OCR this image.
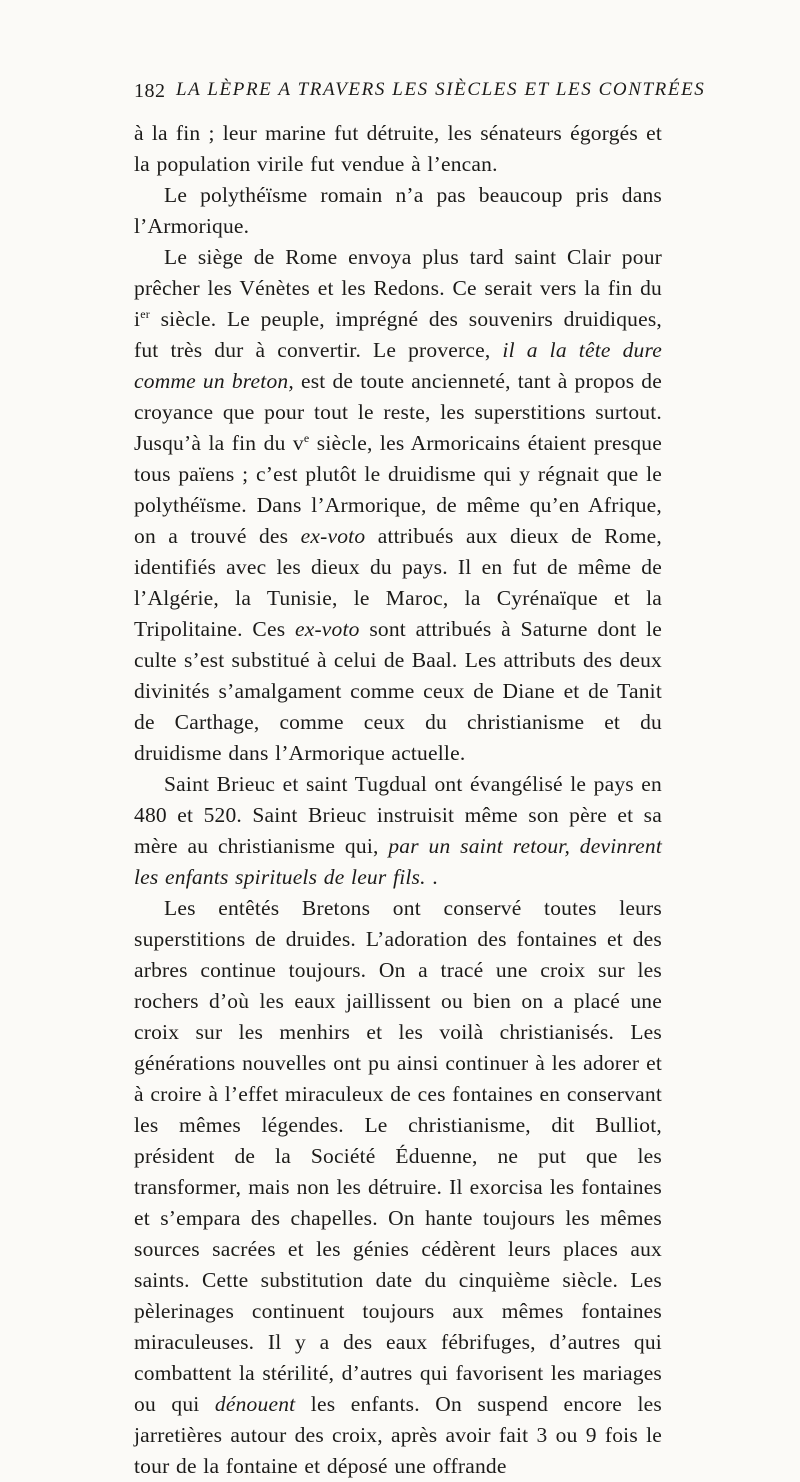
182 LA LÈPRE A TRAVERS LES SIÈCLES ET LES CONTRÉES

à la fin ; leur marine fut détruite, les sénateurs égorgés et la population virile fut vendue à l’encan.

Le polythéïsme romain n’a pas beaucoup pris dans l’Armorique.

Le siège de Rome envoya plus tard saint Clair pour prêcher les Vénètes et les Redons. Ce serait vers la fin du $i^{er}$ siècle. Le peuple, imprégné des souvenirs druidiques, fut très dur à convertir. Le proverce, il a la tête dure comme un breton, est de toute ancienneté, tant à propos de croyance que pour tout le reste, les superstitions surtout. Jusqu’à la fin du $v^e$ siècle, les Armoricains étaient presque tous païens ; c’est plutôt le druidisme qui y régnait que le polythéïsme. Dans l’Armorique, de même qu’en Afrique, on a trouvé des ex-voto attribués aux dieux de Rome, identifiés avec les dieux du pays. Il en fut de même de l’Algérie, la Tunisie, le Maroc, la Cyrénaïque et la Tripolitaine. Ces ex-voto sont attribués à Saturne dont le culte s’est substitué à celui de Baal. Les attributs des deux divinités s’amalgament comme ceux de Diane et de Tanit de Carthage, comme ceux du christianisme et du druidisme dans l’Armorique actuelle.

Saint Brieuc et saint Tugdual ont évangélisé le pays en 480 et 520. Saint Brieuc instruisit même son père et sa mère au christianisme qui, par un saint retour, devinrent les enfants spirituels de leur fils. .

Les entêtés Bretons ont conservé toutes leurs superstitions de druides. L’adoration des fontaines et des arbres continue toujours. On a tracé une croix sur les rochers d’où les eaux jaillissent ou bien on a placé une croix sur les menhirs et les voilà christianisés. Les générations nouvelles ont pu ainsi continuer à les adorer et à croire à l’effet miraculeux de ces fontaines en conservant les mêmes légendes. Le christianisme, dit Bulliot, président de la Société Éduenne, ne put que les transformer, mais non les détruire. Il exorcisa les fontaines et s’empara des chapelles. On hante toujours les mêmes sources sacrées et les génies cédèrent leurs places aux saints. Cette substitution date du cinquième siècle. Les pèlerinages continuent toujours aux mêmes fontaines miraculeuses. Il y a des eaux fébrifuges, d’autres qui combattent la stérilité, d’autres qui favorisent les mariages ou qui dénouent les enfants. On suspend encore les jarretières autour des croix, après avoir fait 3 ou 9 fois le tour de la fontaine et déposé une offrande
